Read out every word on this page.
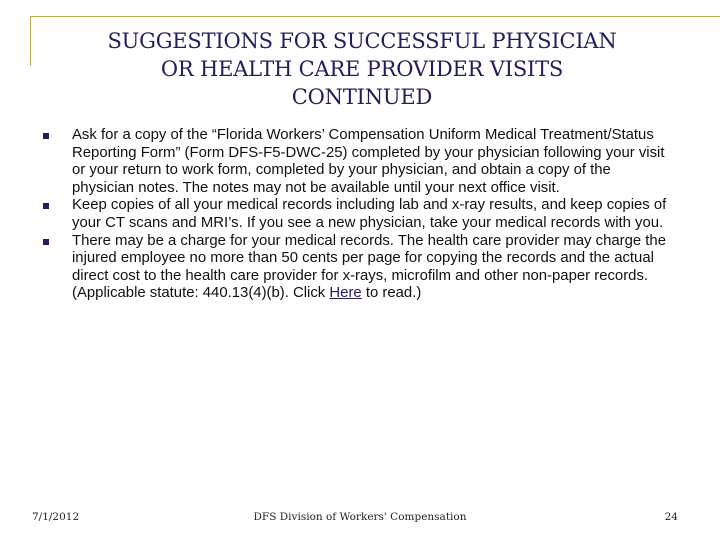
SUGGESTIONS FOR SUCCESSFUL PHYSICIAN
OR HEALTH CARE PROVIDER VISITS
CONTINUED
Ask for a copy of the “Florida Workers’ Compensation Uniform Medical Treatment/Status Reporting Form” (Form DFS-F5-DWC-25) completed by your physician following your visit or your return to work form, completed by your physician, and obtain a copy of the physician notes. The notes may not be available until your next office visit.
Keep copies of all your medical records including lab and x-ray results, and keep copies of your CT scans and MRI’s. If you see a new physician, take your medical records with you.
There may be a charge for your medical records. The health care provider may charge the injured employee no more than 50 cents per page for copying the records and the actual direct cost to the health care provider for x-rays, microfilm and other non-paper records. (Applicable statute: 440.13(4)(b). Click Here to read.)
7/1/2012	DFS Division of Workers' Compensation	24
